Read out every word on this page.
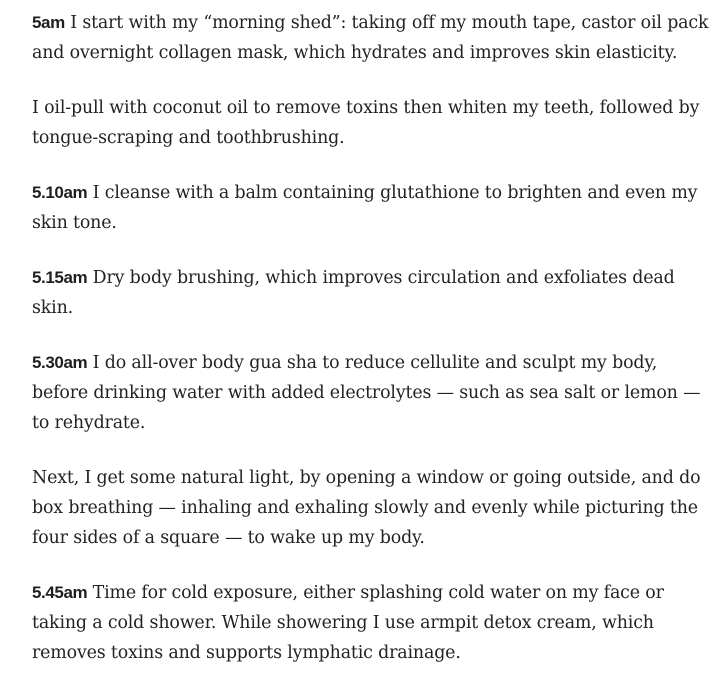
5am I start with my “morning shed”: taking off my mouth tape, castor oil pack and overnight collagen mask, which hydrates and improves skin elasticity.

I oil-pull with coconut oil to remove toxins then whiten my teeth, followed by tongue-scraping and toothbrushing.

5.10am I cleanse with a balm containing glutathione to brighten and even my skin tone.

5.15am Dry body brushing, which improves circulation and exfoliates dead skin.

5.30am I do all-over body gua sha to reduce cellulite and sculpt my body, before drinking water with added electrolytes — such as sea salt or lemon — to rehydrate.

Next, I get some natural light, by opening a window or going outside, and do box breathing — inhaling and exhaling slowly and evenly while picturing the four sides of a square — to wake up my body.

5.45am Time for cold exposure, either splashing cold water on my face or taking a cold shower. While showering I use armpit detox cream, which removes toxins and supports lymphatic drainage.
